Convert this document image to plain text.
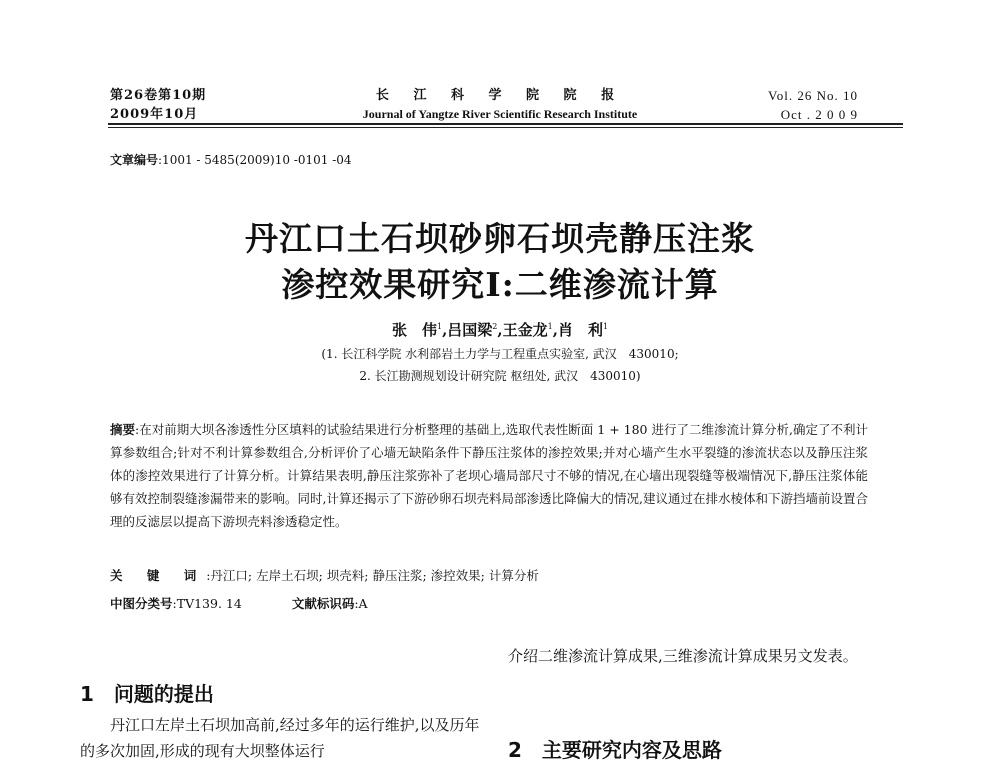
第26卷第10期
2009年10月
长 江 科 学 院 院 报
Journal of Yangtze River Scientific Research Institute
Vol. 26 No. 10
Oct . 2 0 0 9
文章编号:1001 - 5485(2009)10 -0101 -04
丹江口土石坝砂卵石坝壳静压注浆
渗控效果研究Ⅰ:二维渗流计算
张　伟$^1$,吕国梁$^2$,王金龙$^1$,肖　利$^1$
(1. 长江科学院 水利部岩土力学与工程重点实验室, 武汉　430010;
2. 长江勘测规划设计研究院 枢纽处, 武汉　430010)
摘要:在对前期大坝各渗透性分区填料的试验结果进行分析整理的基础上,选取代表性断面 1 + 180 进行了二维渗流计算分析,确定了不利计算参数组合;针对不利计算参数组合,分析评价了心墙无缺陷条件下静压注浆体的渗控效果;并对心墙产生水平裂缝的渗流状态以及静压注浆体的渗控效果进行了计算分析。计算结果表明,静压注浆弥补了老坝心墙局部尺寸不够的情况,在心墙出现裂缝等极端情况下,静压注浆体能够有效控制裂缝渗漏带来的影响。同时,计算还揭示了下游砂卵石坝壳料局部渗透比降偏大的情况,建议通过在排水棱体和下游挡墙前设置合理的反滤层以提高下游坝壳料渗透稳定性。
关 键 词:丹江口; 左岸土石坝; 坝壳料; 静压注浆; 渗控效果; 计算分析
中图分类号:TV139. 14	文献标识码:A
1　问题的提出
丹江口左岸土石坝加高前,经过多年的运行维护,以及历年的多次加固,形成的现有大坝整体运行
介绍二维渗流计算成果,三维渗流计算成果另文发表。
2　主要研究内容及思路
